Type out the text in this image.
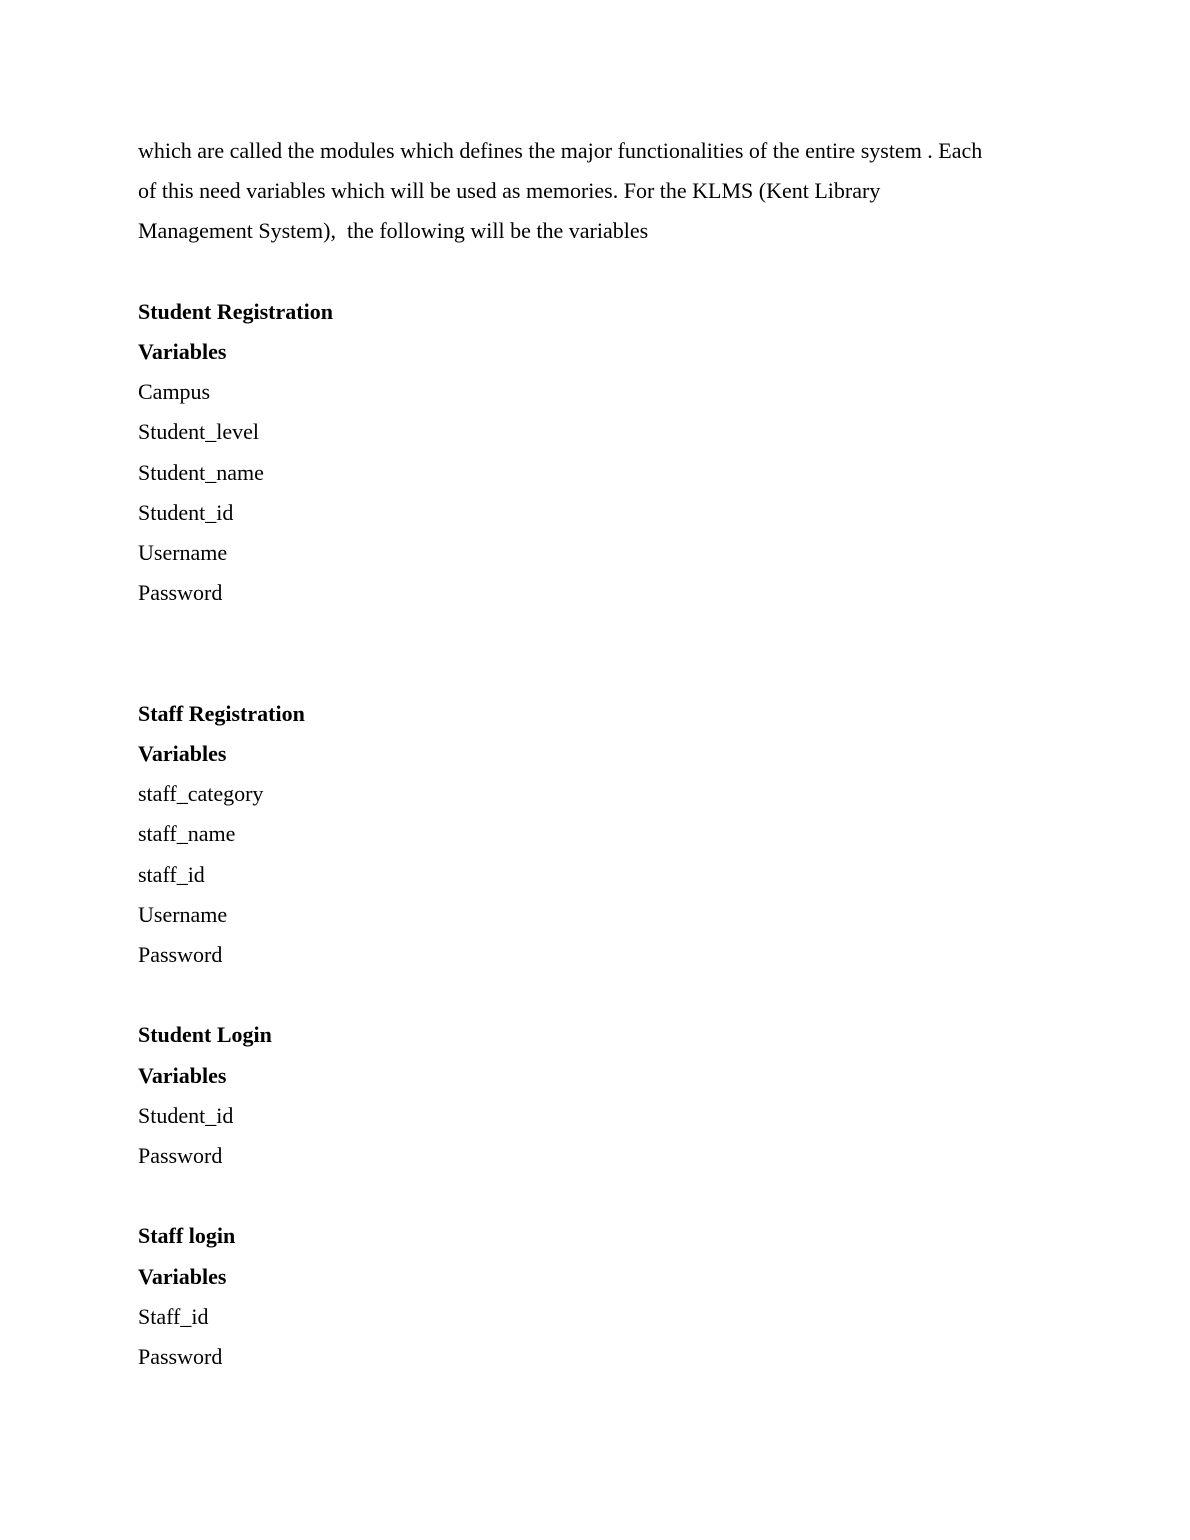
which are called the modules which defines the major functionalities of the entire system . Each
of this need variables which will be used as memories. For the KLMS (Kent Library
Management System),  the following will be the variables
Student Registration
Variables
Campus
Student_level
Student_name
Student_id
Username
Password
Staff Registration
Variables
staff_category
staff_name
staff_id
Username
Password
Student Login
Variables
Student_id
Password
Staff login
Variables
Staff_id
Password
